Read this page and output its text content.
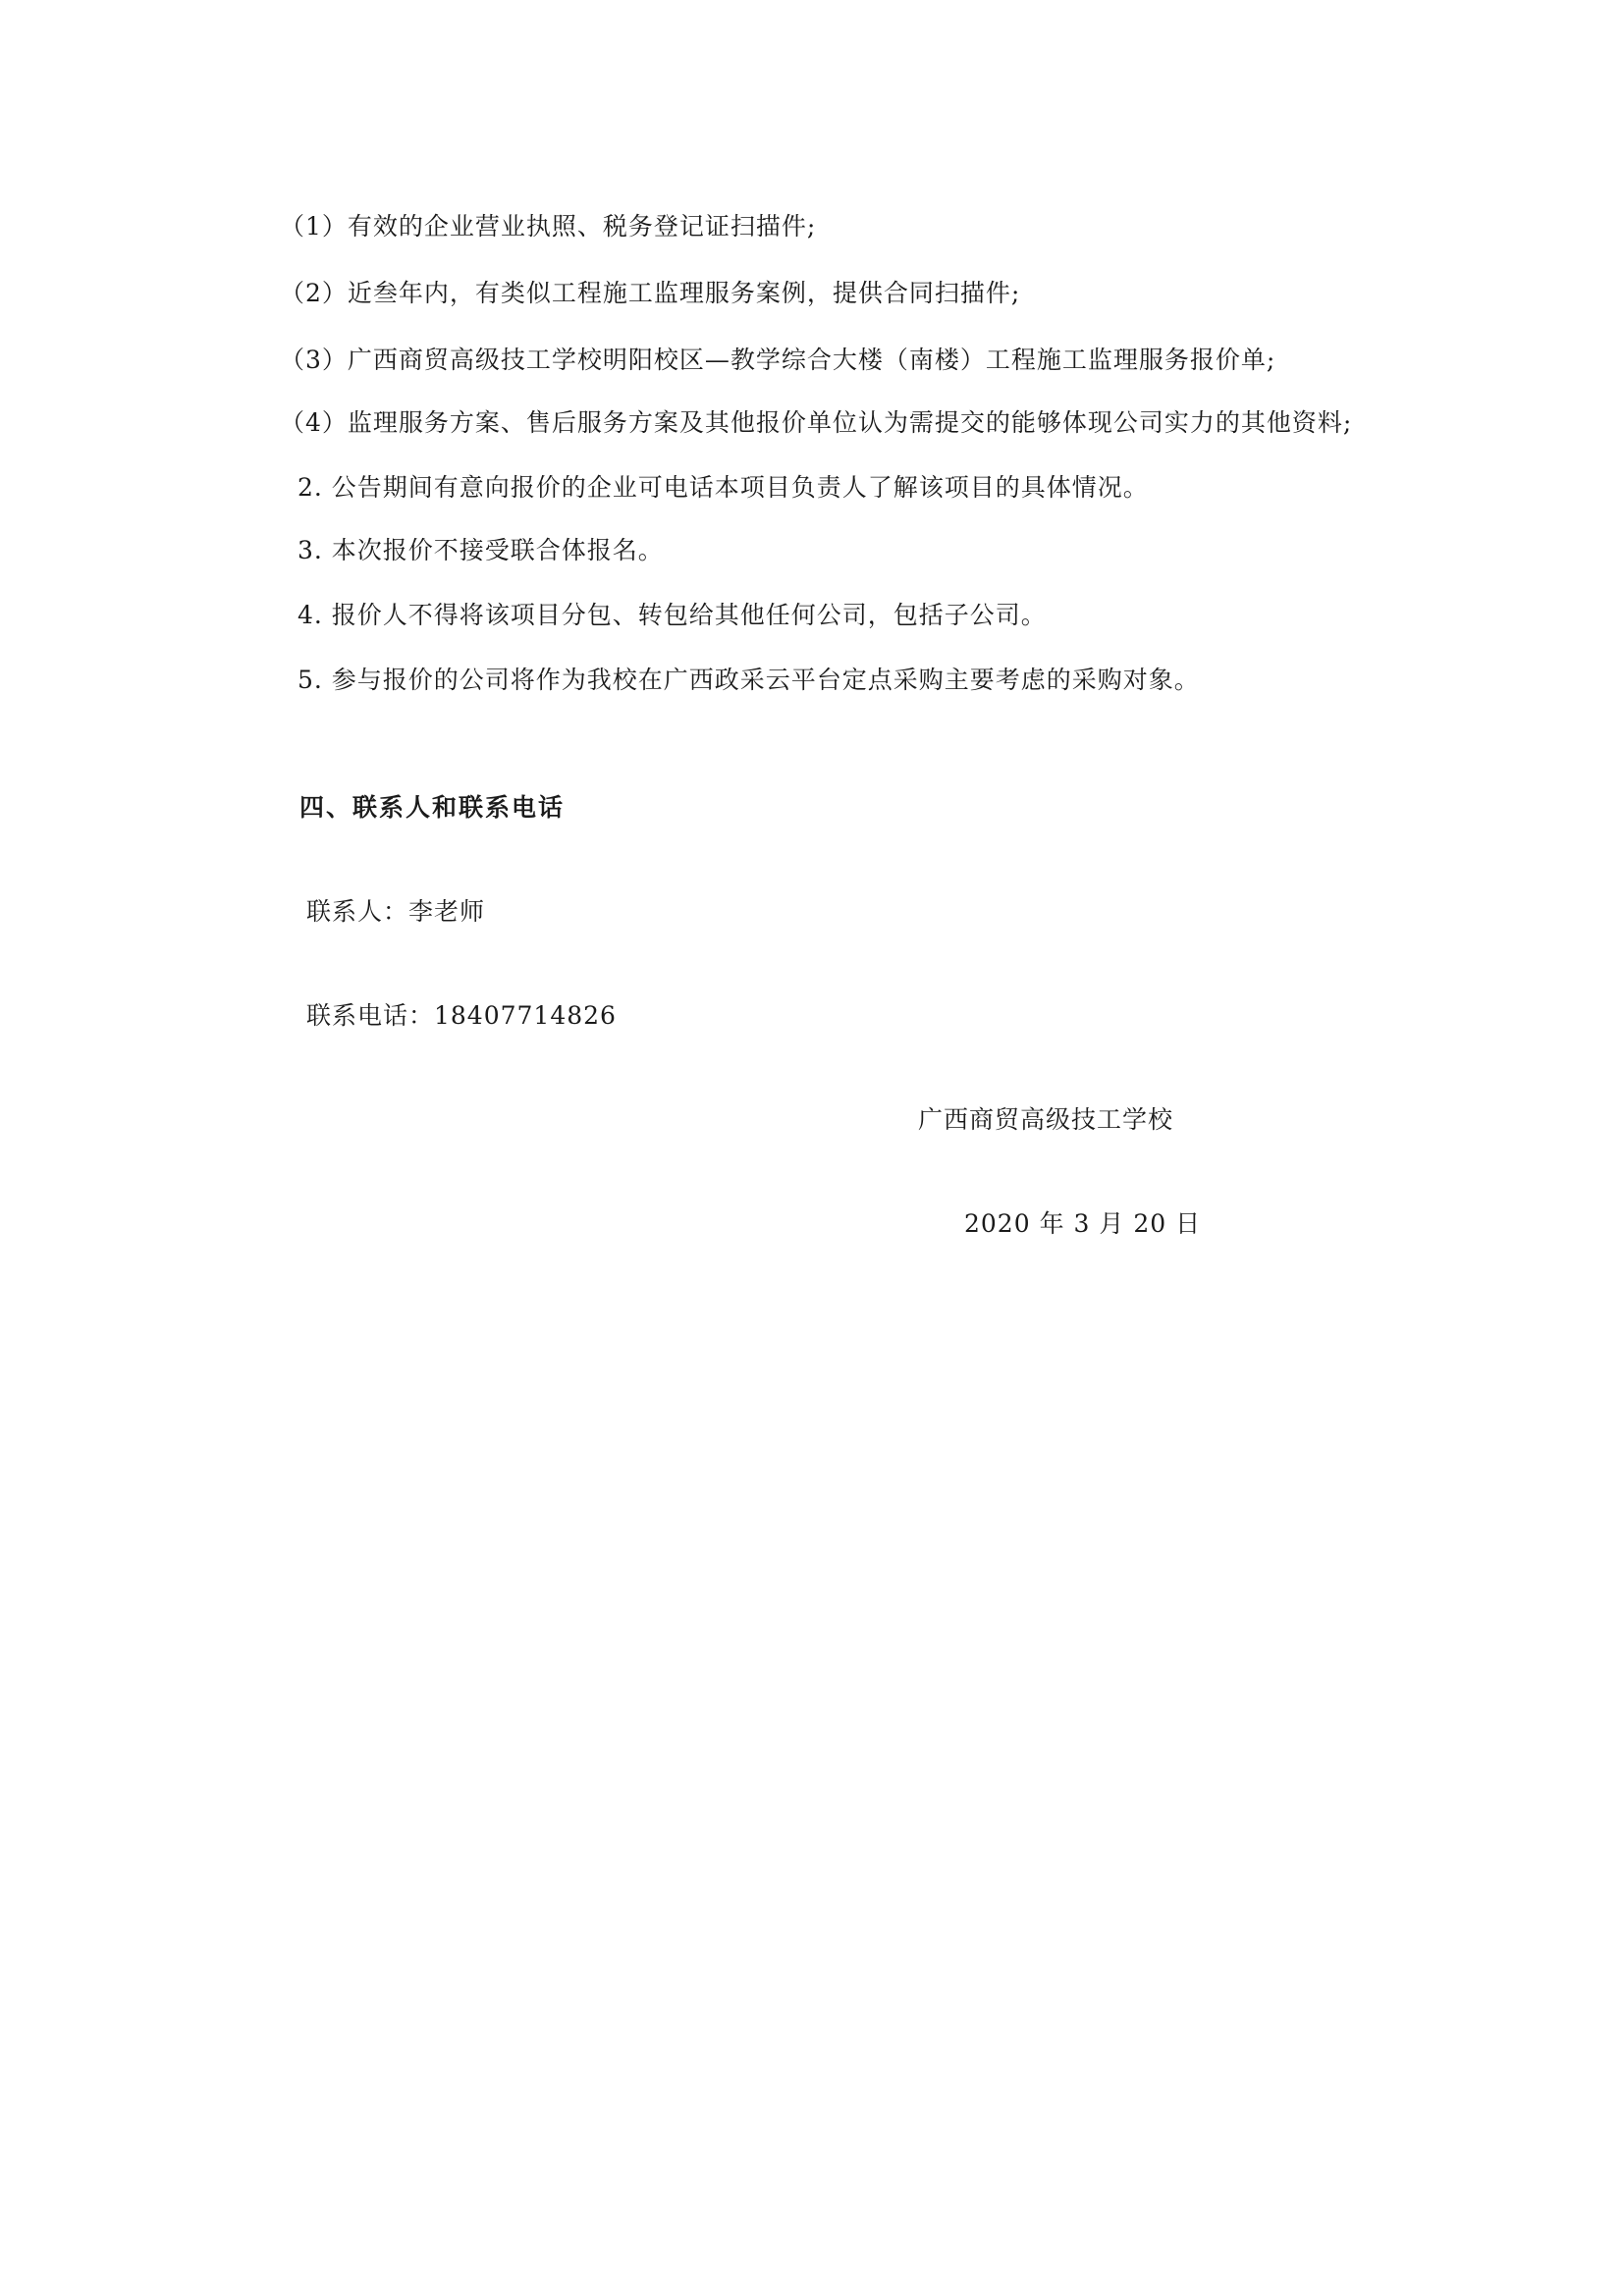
（1）有效的企业营业执照、税务登记证扫描件;
（2）近叁年内，有类似工程施工监理服务案例，提供合同扫描件;
（3）广西商贸高级技工学校明阳校区—教学综合大楼（南楼）工程施工监理服务报价单;
（4）监理服务方案、售后服务方案及其他报价单位认为需提交的能够体现公司实力的其他资料;
2. 公告期间有意向报价的企业可电话本项目负责人了解该项目的具体情况。
3. 本次报价不接受联合体报名。
4. 报价人不得将该项目分包、转包给其他任何公司，包括子公司。
5. 参与报价的公司将作为我校在广西政采云平台定点采购主要考虑的采购对象。
四、联系人和联系电话
联系人：李老师
联系电话：18407714826
广西商贸高级技工学校
2020 年 3 月 20 日
